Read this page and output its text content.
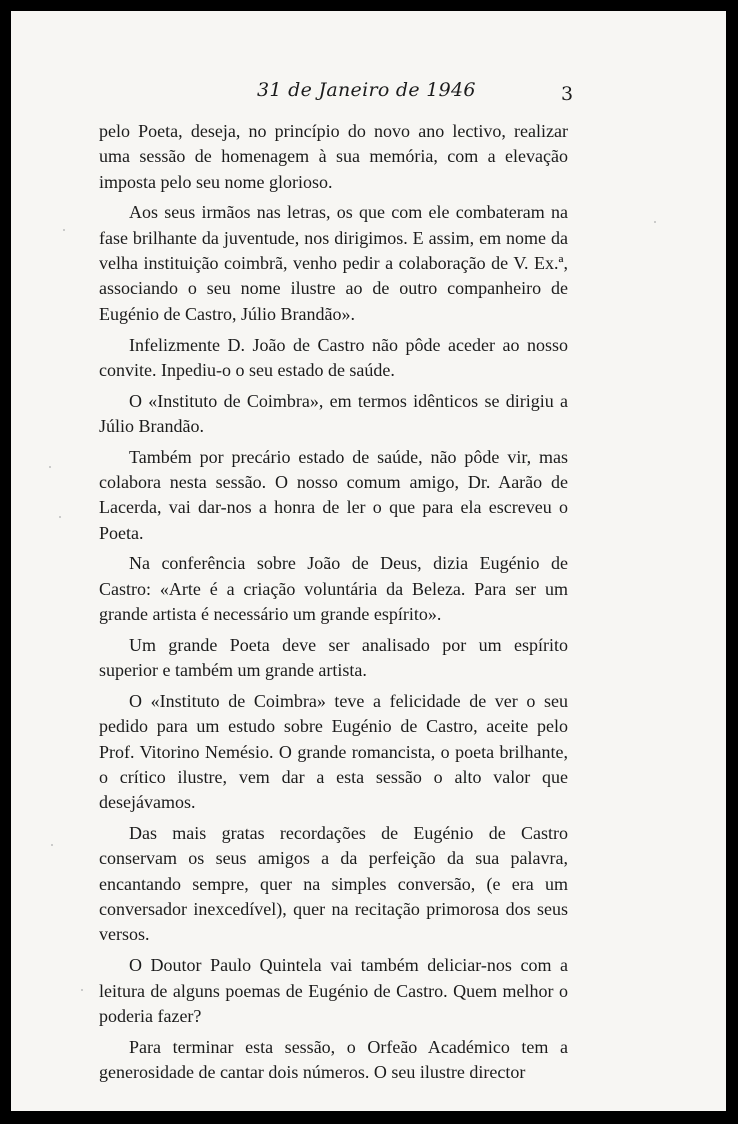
31 de Janeiro de 1946	3

pelo Poeta, deseja, no princípio do novo ano lectivo, realizar uma sessão de homenagem à sua memória, com a elevação imposta pelo seu nome glorioso.

Aos seus irmãos nas letras, os que com ele combateram na fase brilhante da juventude, nos dirigimos. E assim, em nome da velha instituição coimbrã, venho pedir a colaboração de V. Ex.ª, associando o seu nome ilustre ao de outro companheiro de Eugénio de Castro, Júlio Brandão».

Infelizmente D. João de Castro não pôde aceder ao nosso convite. Inpediu-o o seu estado de saúde.

O «Instituto de Coimbra», em termos idênticos se dirigiu a Júlio Brandão.

Também por precário estado de saúde, não pôde vir, mas colabora nesta sessão. O nosso comum amigo, Dr. Aarão de Lacerda, vai dar-nos a honra de ler o que para ela escreveu o Poeta.

Na conferência sobre João de Deus, dizia Eugénio de Castro: «Arte é a criação voluntária da Beleza. Para ser um grande artista é necessário um grande espírito».

Um grande Poeta deve ser analisado por um espírito superior e também um grande artista.

O «Instituto de Coimbra» teve a felicidade de ver o seu pedido para um estudo sobre Eugénio de Castro, aceite pelo Prof. Vitorino Nemésio. O grande romancista, o poeta brilhante, o crítico ilustre, vem dar a esta sessão o alto valor que desejávamos.

Das mais gratas recordações de Eugénio de Castro conservam os seus amigos a da perfeição da sua palavra, encantando sempre, quer na simples conversão, (e era um conversador inexcedível), quer na recitação primorosa dos seus versos.

O Doutor Paulo Quintela vai também deliciar-nos com a leitura de alguns poemas de Eugénio de Castro. Quem melhor o poderia fazer?

Para terminar esta sessão, o Orfeão Académico tem a generosidade de cantar dois números. O seu ilustre director
